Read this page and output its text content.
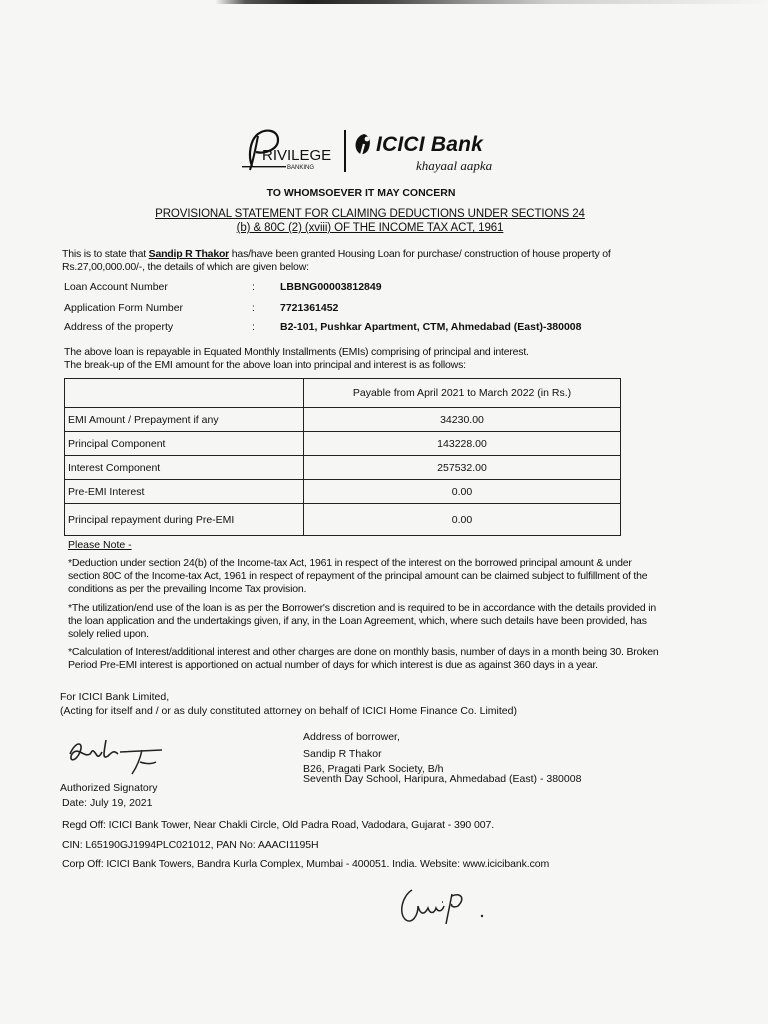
RIVILEGE
BANKING
ICICI Bank
khayaal aapka
TO WHOMSOEVER IT MAY CONCERN
PROVISIONAL STATEMENT FOR CLAIMING DEDUCTIONS UNDER SECTIONS 24
(b) & 80C (2) (xviii) OF THE INCOME TAX ACT, 1961
This is to state that Sandip R Thakor has/have been granted Housing Loan for purchase/ construction of house property of Rs.27,00,000.00/-, the details of which are given below:
Loan Account Number	: LBBNG00003812849
Application Form Number	: 7721361452
Address of the property	: B2-101, Pushkar Apartment, CTM, Ahmedabad (East)-380008
The above loan is repayable in Equated Monthly Installments (EMIs) comprising of principal and interest.
The break-up of the EMI amount for the above loan into principal and interest is as follows:
	Payable from April 2021 to March 2022 (in Rs.)
EMI Amount / Prepayment if any	34230.00
Principal Component	143228.00
Interest Component	257532.00
Pre-EMI Interest	0.00
Principal repayment during Pre-EMI	0.00
Please Note -
*Deduction under section 24(b) of the Income-tax Act, 1961 in respect of the interest on the borrowed principal amount & under section 80C of the Income-tax Act, 1961 in respect of repayment of the principal amount can be claimed subject to fulfillment of the conditions as per the prevailing Income Tax provision.
*The utilization/end use of the loan is as per the Borrower's discretion and is required to be in accordance with the details provided in the loan application and the undertakings given, if any, in the Loan Agreement, which, where such details have been provided, has solely relied upon.
*Calculation of Interest/additional interest and other charges are done on monthly basis, number of days in a month being 30. Broken Period Pre-EMI interest is apportioned on actual number of days for which interest is due as against 360 days in a year.
For ICICI Bank Limited,
(Acting for itself and / or as duly constituted attorney on behalf of ICICI Home Finance Co. Limited)
Authorized Signatory
Date: July 19, 2021
Address of borrower,
Sandip R Thakor
B26, Pragati Park Society, B/h
Seventh Day School, Haripura, Ahmedabad (East) - 380008
Regd Off: ICICI Bank Tower, Near Chakli Circle, Old Padra Road, Vadodara, Gujarat - 390 007.
CIN: L65190GJ1994PLC021012, PAN No: AAACI1195H
Corp Off: ICICI Bank Towers, Bandra Kurla Complex, Mumbai - 400051. India. Website: www.icicibank.com
